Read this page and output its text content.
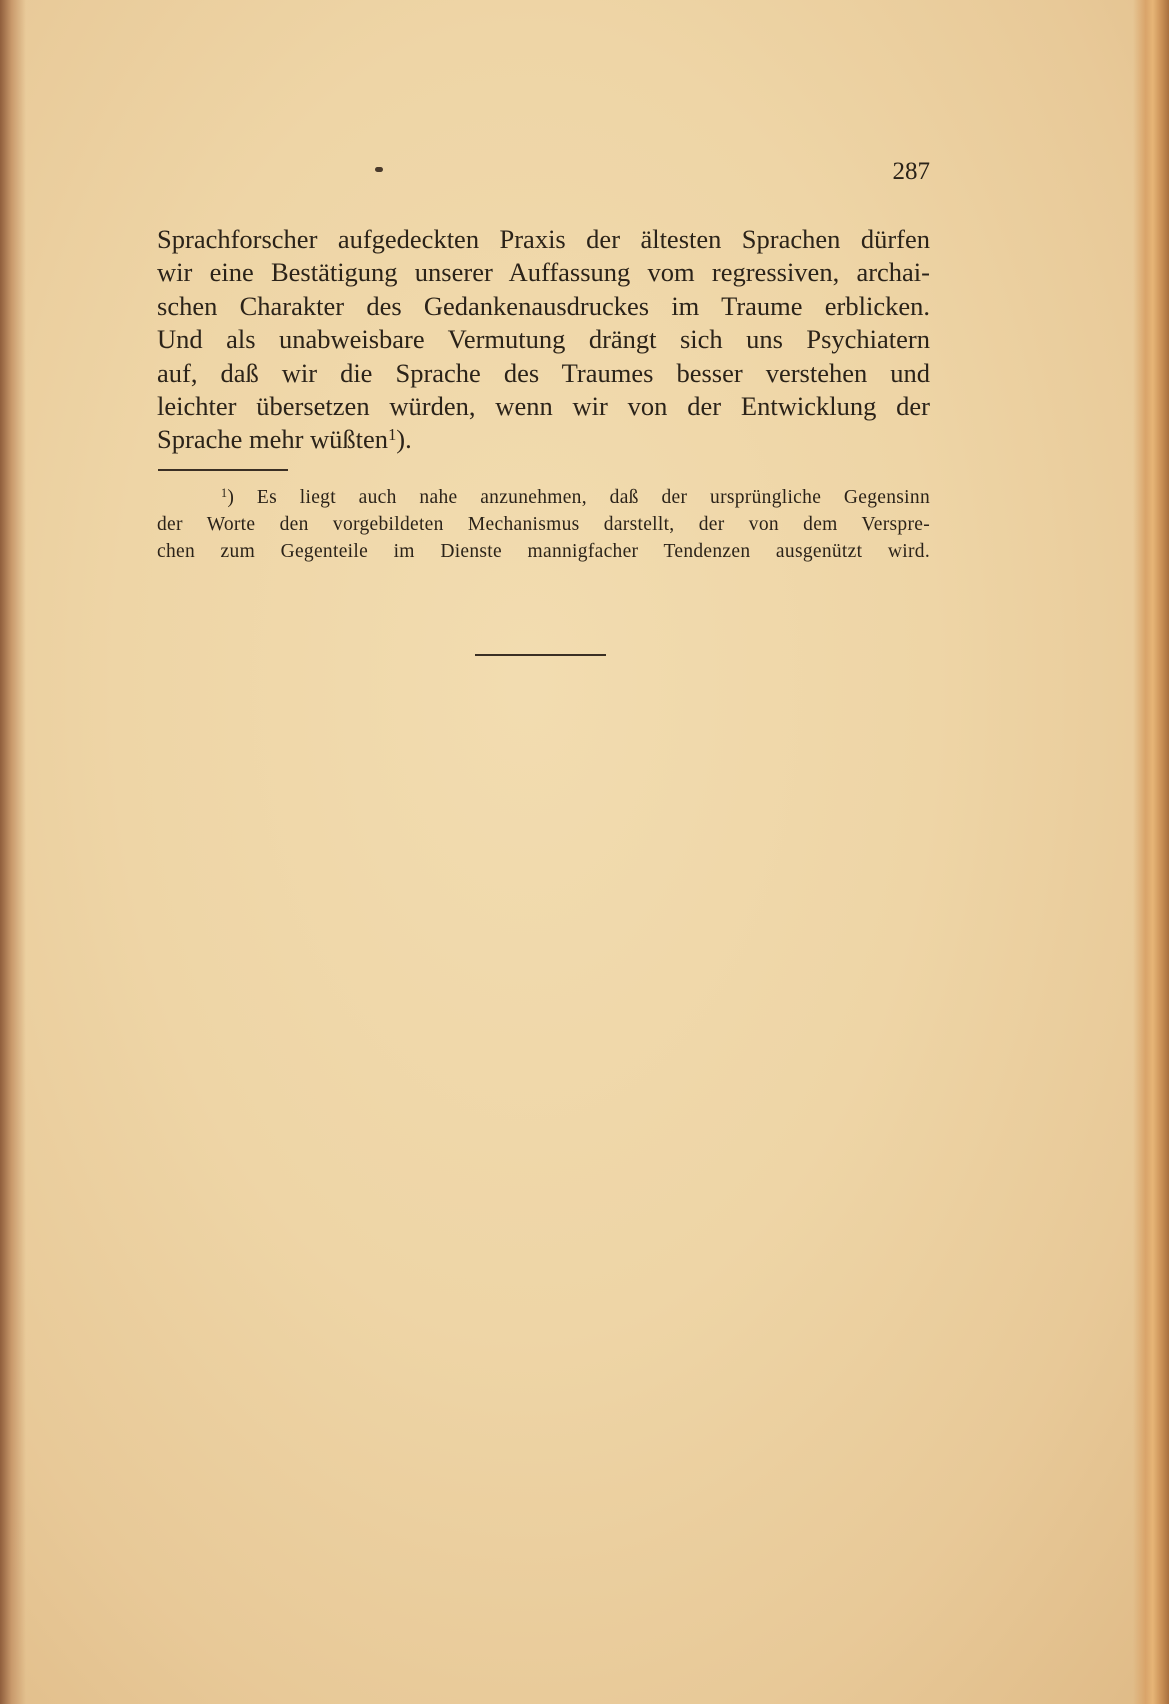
287
Sprachforscher aufgedeckten Praxis der ältesten Sprachen dürfen
wir eine Bestätigung unserer Auffassung vom regressiven, archai-
schen Charakter des Gedankenausdruckes im Traume erblicken.
Und als unabweisbare Vermutung drängt sich uns Psychiatern
auf, daß wir die Sprache des Traumes besser verstehen und
leichter übersetzen würden, wenn wir von der Entwicklung der
Sprache mehr wüßten$^1$).
$^1$) Es liegt auch nahe anzunehmen, daß der ursprüngliche Gegensinn
der Worte den vorgebildeten Mechanismus darstellt, der von dem Verspre-
chen zum Gegenteile im Dienste mannigfacher Tendenzen ausgenützt wird.
